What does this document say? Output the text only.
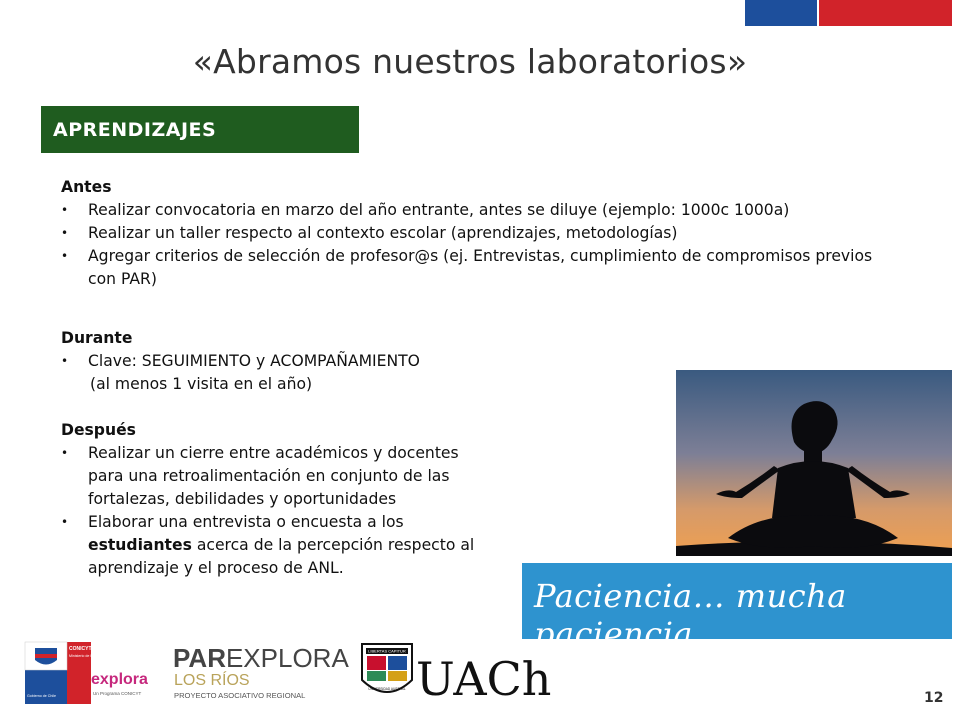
«Abramos nuestros laboratorios»
APRENDIZAJES
Antes
• Realizar convocatoria en marzo del año entrante, antes se diluye (ejemplo: 1000c 1000a)
• Realizar un taller respecto al contexto escolar (aprendizajes, metodologías)
• Agregar criterios de selección de profesor@s (ej. Entrevistas, cumplimiento de compromisos previos con PAR)
Durante
• Clave: SEGUIMIENTO y ACOMPAÑAMIENTO
(al menos 1 visita en el año)
Después
• Realizar un cierre entre académicos y docentes para una retroalimentación en conjunto de las fortalezas, debilidades y oportunidades
• Elaborar una entrevista o encuesta a los estudiantes acerca de la percepción respecto al aprendizaje y el proceso de ANL.
Paciencia… mucha paciencia…
CONICYT
Ministerio de Educación
Gobierno de Chile
explora
Un Programa CONICYT
PAREXPLORA
LOS RÍOS
PROYECTO ASOCIATIVO REGIONAL
LIBERTAS CAPITUR
UNIVERSIDAD AUSTRAL UACh	12
